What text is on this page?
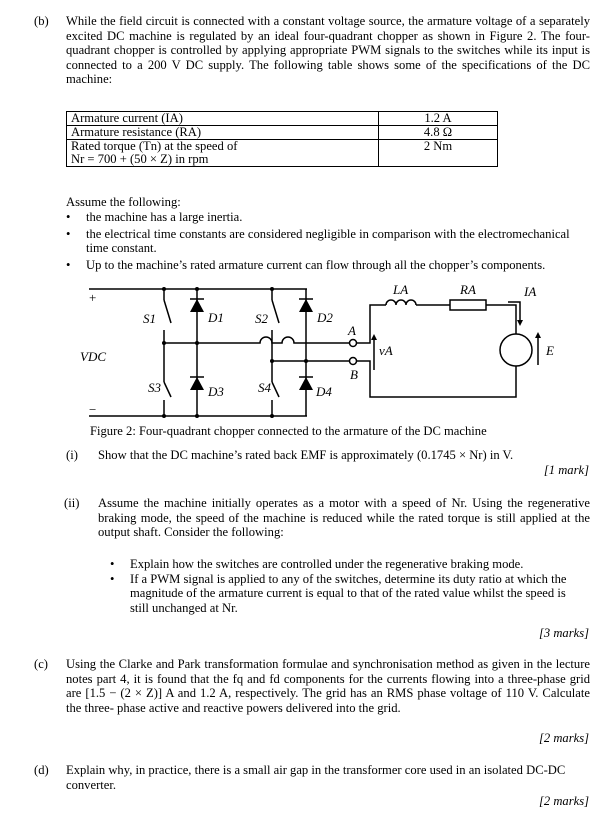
(b) While the field circuit is connected with a constant voltage source, the armature voltage of a separately excited DC machine is regulated by an ideal four-quadrant chopper as shown in Figure 2. The four-quadrant chopper is controlled by applying appropriate PWM signals to the switches while its input is connected to a 200 V DC supply. The following table shows some of the specifications of the DC machine:
Armature current (IA)	1.2 A
Armature resistance (RA)	4.8 Ω

Rated torque (Tn) at the speed of
Nr = 700 + (50 × Z) in rpm	2 Nm
Assume the following:
• the machine has a large inertia.
• the electrical time constants are considered negligible in comparison with the electromechanical time constant.
• Up to the machine’s rated armature current can flow through all the chopper’s components.
+
−
VDC
S1	D1 S2	D2
S3	D3	S4	D4
A
B
LA	RA	IA
vA	E
Figure 2: Four-quadrant chopper connected to the armature of the DC machine
(i) Show that the DC machine’s rated back EMF is approximately (0.1745 × Nr) in V.
[1 mark]
(ii) Assume the machine initially operates as a motor with a speed of Nr. Using the regenerative braking mode, the speed of the machine is reduced while the rated torque is still applied at the output shaft. Consider the following:
• Explain how the switches are controlled under the regenerative braking mode.
• If a PWM signal is applied to any of the switches, determine its duty ratio at which the magnitude of the armature current is equal to that of the rated value whilst the speed is still unchanged at Nr.
[3 marks]
(c) Using the Clarke and Park transformation formulae and synchronisation method as given in the lecture notes part 4, it is found that the fq and fd components for the currents flowing into a three-phase grid are [1.5 − (2 × Z)] A and 1.2 A, respectively. The grid has an RMS phase voltage of 110 V. Calculate the three- phase active and reactive powers delivered into the grid.
[2 marks]
(d) Explain why, in practice, there is a small air gap in the transformer core used in an isolated DC-DC converter.
[2 marks]
